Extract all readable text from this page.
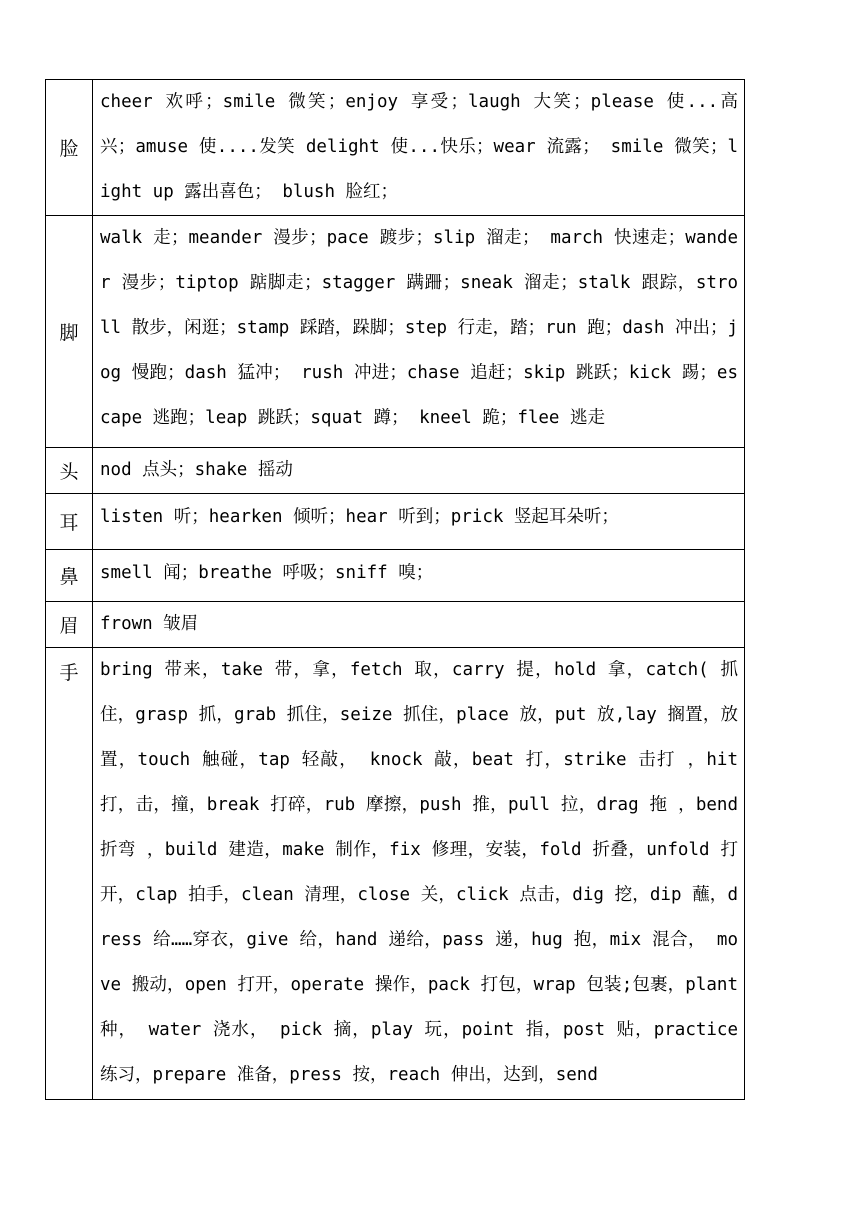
脸	cheer 欢呼；smile 微笑；enjoy 享受；laugh 大笑；please 使...高兴；amuse 使....发笑 delight 使...快乐；wear 流露； smile 微笑；light up 露出喜色； blush 脸红；
脚	walk 走；meander 漫步；pace 踱步；slip 溜走； march 快速走；wander 漫步；tiptop 踮脚走；stagger 蹒跚；sneak 溜走；stalk 跟踪，stroll 散步，闲逛；stamp 踩踏，跺脚；step 行走，踏；run 跑；dash 冲出；jog 慢跑；dash 猛冲； rush 冲进；chase 追赶；skip 跳跃；kick 踢；escape 逃跑；leap 跳跃；squat 蹲； kneel 跪；flee 逃走
头	nod 点头；shake 摇动
耳	listen 听；hearken 倾听；hear 听到；prick 竖起耳朵听；
鼻	smell 闻；breathe 呼吸；sniff 嗅；
眉	frown 皱眉
手	bring 带来，take 带，拿，fetch 取，carry 提，hold 拿，catch( 抓住，grasp 抓，grab 抓住，seize 抓住，place 放，put 放,lay 搁置，放置，touch 触碰，tap 轻敲， knock 敲，beat 打，strike 击打 ，hit 打，击，撞，break 打碎，rub 摩擦，push 推，pull 拉，drag 拖 ，bend 折弯 ，build 建造，make 制作，fix 修理，安装，fold 折叠，unfold 打开，clap 拍手，clean 清理，close 关，click 点击，dig 挖，dip 蘸，dress 给……穿衣，give 给，hand 递给，pass 递，hug 抱，mix 混合， move 搬动，open 打开，operate 操作，pack 打包，wrap 包装;包裹，plant 种， water 浇水， pick 摘，play 玩，point 指，post 贴，practice 练习，prepare 准备，press 按，reach 伸出，达到，send
